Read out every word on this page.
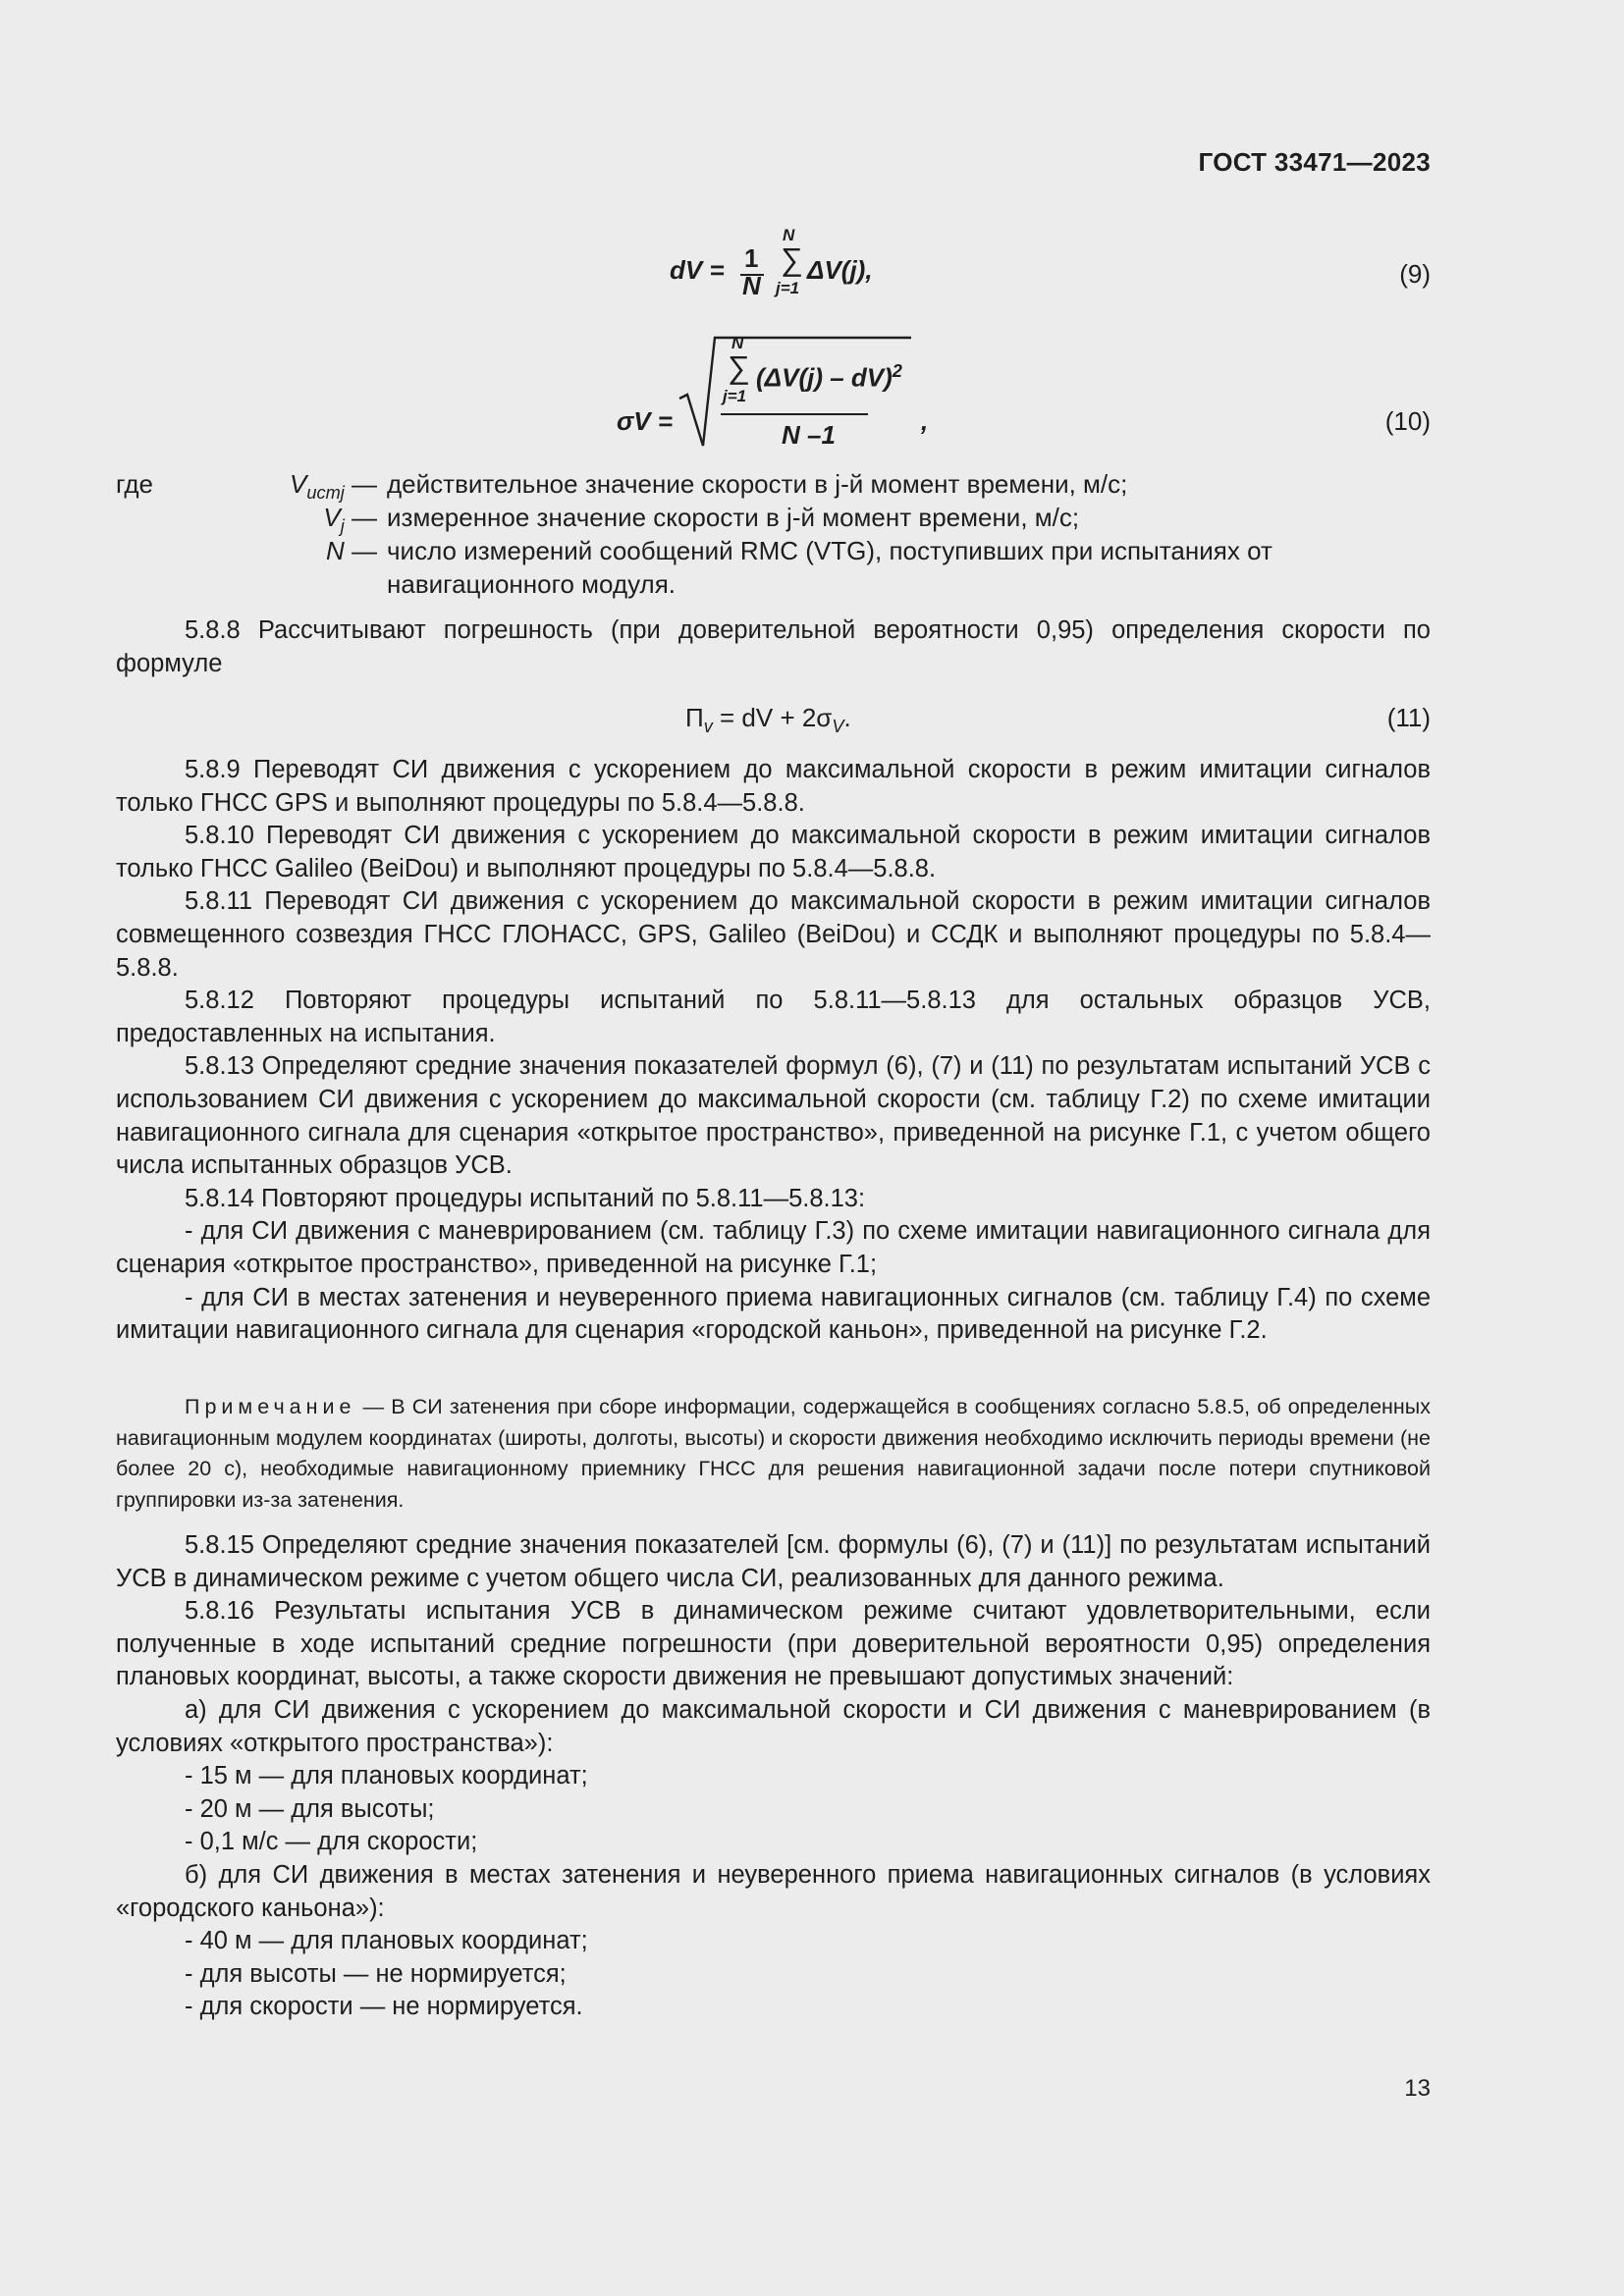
ГОСТ 33471—2023
dV = 1
N
N
∑
j=1
ΔV(j),	(9)
σV =
N
∑
j=1
(ΔV(j) – dV)$^2$
N –1	,	(10)
где	$V_{истj}$ — действительное значение скорости в j-й момент времени, м/с;
$V_j$ — измеренное значение скорости в j-й момент времени, м/с;
N — число измерений сообщений RMC (VTG), поступивших при испытаниях от навигационного модуля.

5.8.8 Рассчитывают погрешность (при доверительной вероятности 0,95) определения скорости по формуле

$П_v$ = dV + $2\sigma_V$.	(11)

5.8.9 Переводят СИ движения с ускорением до максимальной скорости в режим имитации сигналов только ГНСС GPS и выполняют процедуры по 5.8.4—5.8.8.

5.8.10 Переводят СИ движения с ускорением до максимальной скорости в режим имитации сигналов только ГНСС Galileo (BeiDou) и выполняют процедуры по 5.8.4—5.8.8.

5.8.11 Переводят СИ движения с ускорением до максимальной скорости в режим имитации сигналов совмещенного созвездия ГНСС ГЛОНАСС, GPS, Galileo (BeiDou) и ССДК и выполняют процедуры по 5.8.4—5.8.8.

5.8.12 Повторяют процедуры испытаний по 5.8.11—5.8.13 для остальных образцов УСВ, предоставленных на испытания.

5.8.13 Определяют средние значения показателей формул (6), (7) и (11) по результатам испытаний УСВ с использованием СИ движения с ускорением до максимальной скорости (см. таблицу Г.2) по схеме имитации навигационного сигнала для сценария «открытое пространство», приведенной на рисунке Г.1, с учетом общего числа испытанных образцов УСВ.

5.8.14 Повторяют процедуры испытаний по 5.8.11—5.8.13:

- для СИ движения с маневрированием (см. таблицу Г.3) по схеме имитации навигационного сигнала для сценария «открытое пространство», приведенной на рисунке Г.1;

- для СИ в местах затенения и неуверенного приема навигационных сигналов (см. таблицу Г.4) по схеме имитации навигационного сигнала для сценария «городской каньон», приведенной на рисунке Г.2.

Примечание — В СИ затенения при сборе информации, содержащейся в сообщениях согласно 5.8.5, об определенных навигационным модулем координатах (широты, долготы, высоты) и скорости движения необходимо исключить периоды времени (не более 20 с), необходимые навигационному приемнику ГНСС для решения навигационной задачи после потери спутниковой группировки из-за затенения.

5.8.15 Определяют средние значения показателей [см. формулы (6), (7) и (11)] по результатам испытаний УСВ в динамическом режиме с учетом общего числа СИ, реализованных для данного режима.

5.8.16 Результаты испытания УСВ в динамическом режиме считают удовлетворительными, если полученные в ходе испытаний средние погрешности (при доверительной вероятности 0,95) определения плановых координат, высоты, а также скорости движения не превышают допустимых значений:

а) для СИ движения с ускорением до максимальной скорости и СИ движения с маневрированием (в условиях «открытого пространства»):

- 15 м — для плановых координат;

- 20 м — для высоты;

- 0,1 м/с — для скорости;

б) для СИ движения в местах затенения и неуверенного приема навигационных сигналов (в условиях «городского каньона»):

- 40 м — для плановых координат;

- для высоты — не нормируется;

- для скорости — не нормируется.

13
